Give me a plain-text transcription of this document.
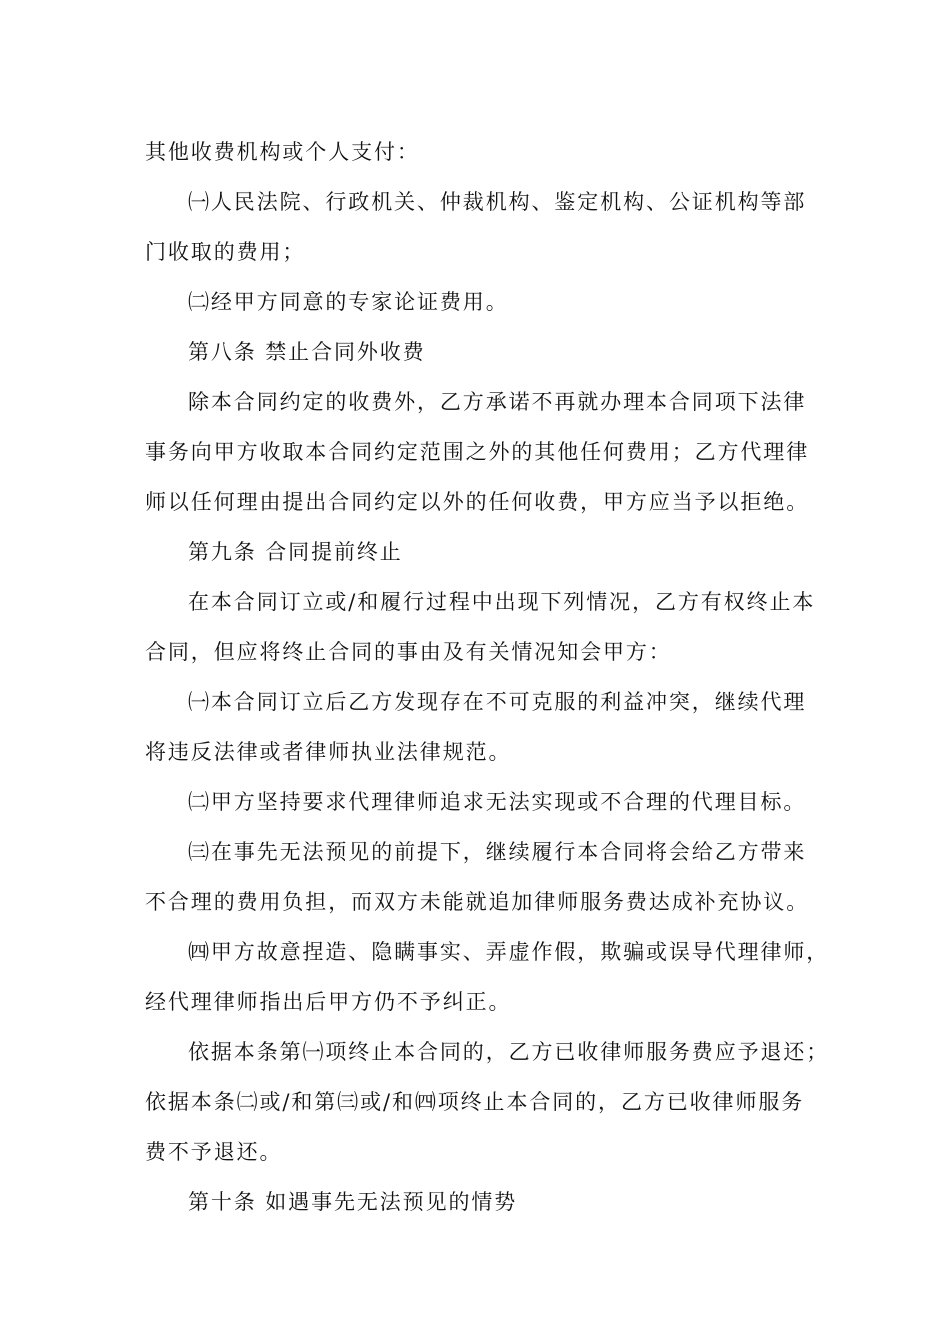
其他收费机构或个人支付：
㈠人民法院、行政机关、仲裁机构、鉴定机构、公证机构等部
门收取的费用；
㈡经甲方同意的专家论证费用。
第八条 禁止合同外收费
除本合同约定的收费外，乙方承诺不再就办理本合同项下法律
事务向甲方收取本合同约定范围之外的其他任何费用；乙方代理律
师以任何理由提出合同约定以外的任何收费，甲方应当予以拒绝。
第九条 合同提前终止
在本合同订立或/和履行过程中出现下列情况，乙方有权终止本
合同，但应将终止合同的事由及有关情况知会甲方：
㈠本合同订立后乙方发现存在不可克服的利益冲突，继续代理
将违反法律或者律师执业法律规范。
㈡甲方坚持要求代理律师追求无法实现或不合理的代理目标。
㈢在事先无法预见的前提下，继续履行本合同将会给乙方带来
不合理的费用负担，而双方未能就追加律师服务费达成补充协议。
㈣甲方故意捏造、隐瞒事实、弄虚作假，欺骗或误导代理律师，
经代理律师指出后甲方仍不予纠正。
依据本条第㈠项终止本合同的，乙方已收律师服务费应予退还；
依据本条㈡或/和第㈢或/和㈣项终止本合同的，乙方已收律师服务
费不予退还。
第十条 如遇事先无法预见的情势
